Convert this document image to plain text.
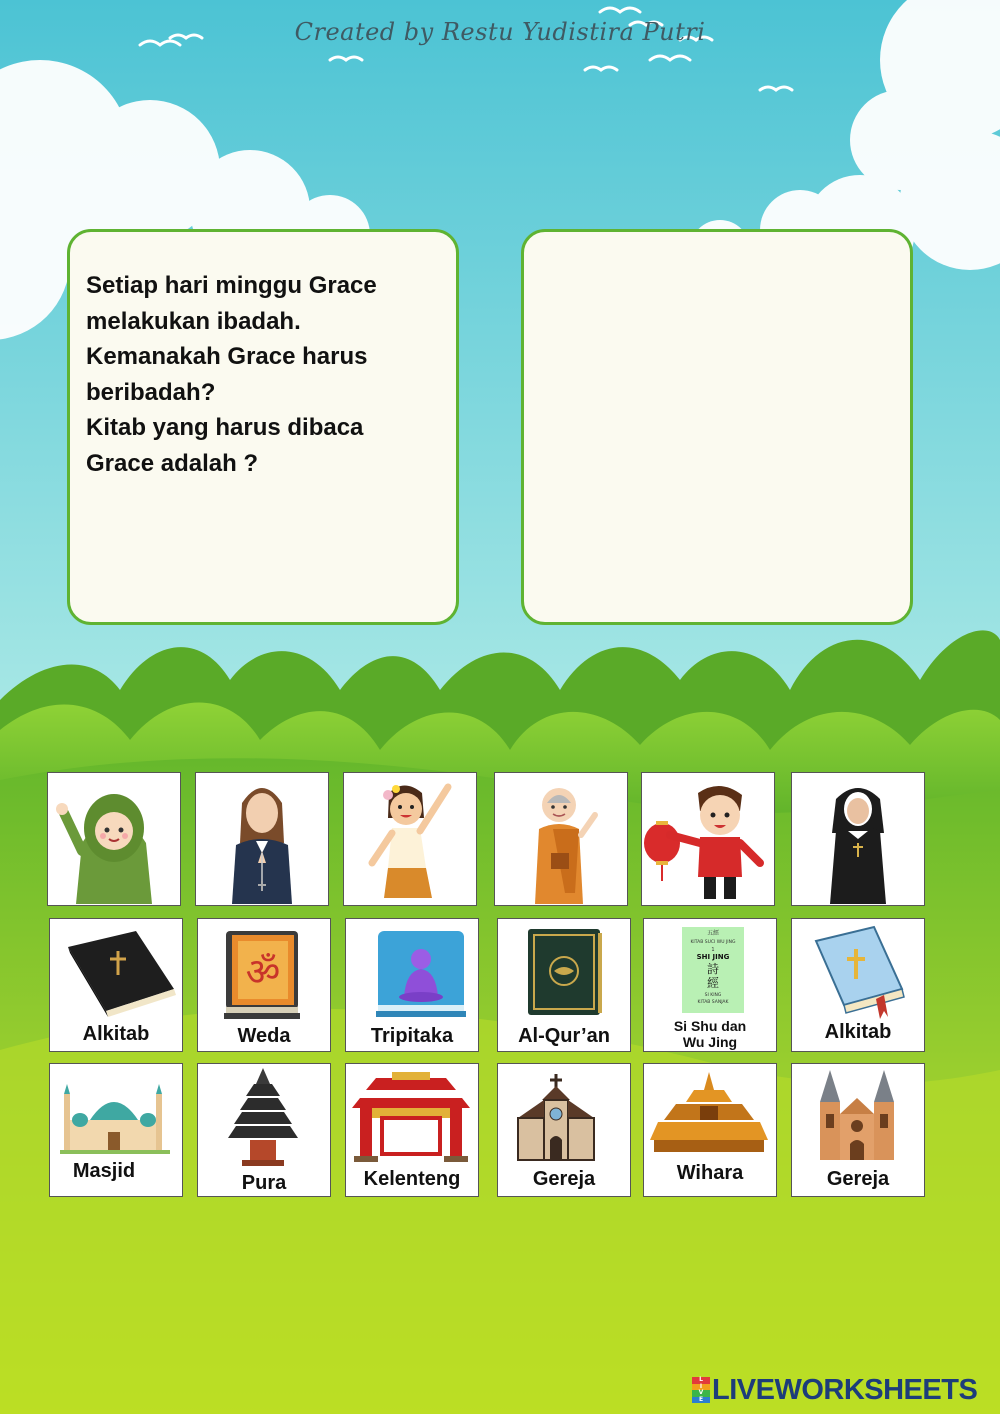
Created by Restu Yudistira Putri

Setiap hari minggu Grace
melakukan ibadah.
Kemanakah Grace harus
beribadah?
Kitab yang harus dibaca
Grace adalah ?

Alkitab
ॐ
Weda	Tripitaka	Al-Qur’an
五經
KITAB SUCI WU JING
1
SHI JING
詩
經
SI KING
KITAB SANJAK
Si Shu dan
Wu Jing	Alkitab
Masjid
Pura	Kelenteng	Gereja	Wihara	Gereja
L
I
V
E LIVEWORKSHEETS
